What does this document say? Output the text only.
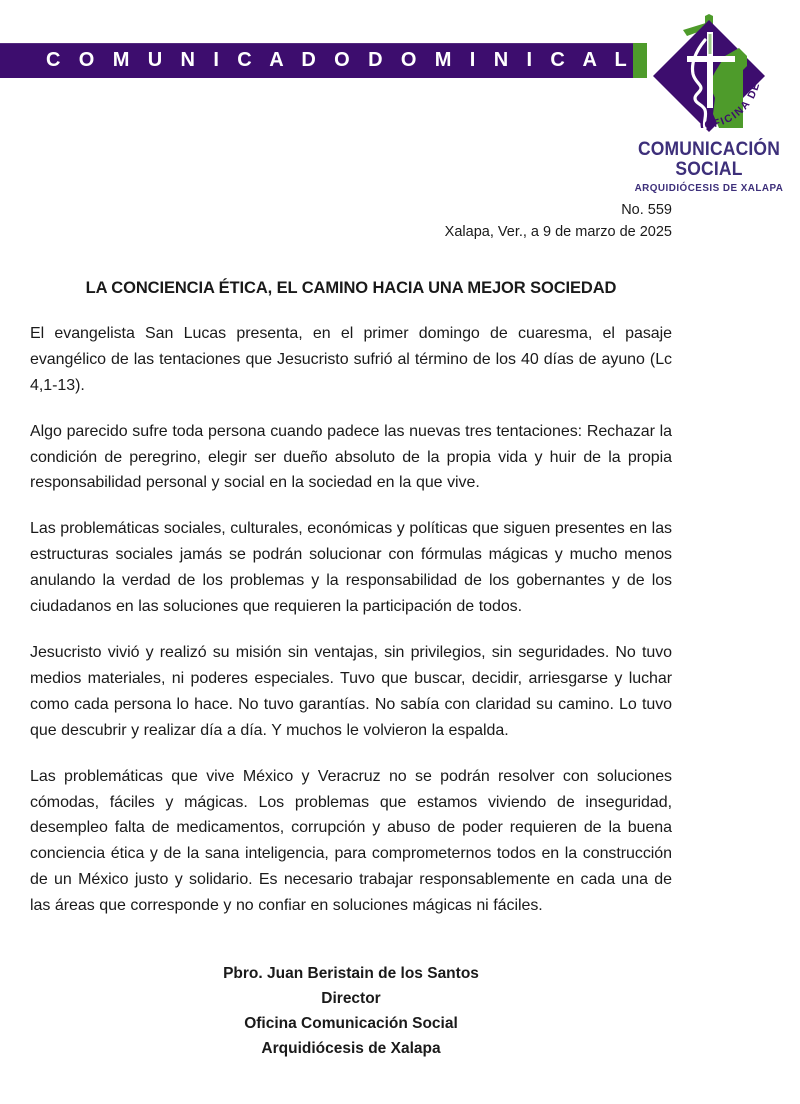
C O M U N I C A D O D O M I N I C A L
OFICINA DE
COMUNICACIÓN SOCIAL
ARQUIDIÓCESIS DE XALAPA
No. 559
Xalapa, Ver., a 9 de marzo de 2025
LA CONCIENCIA ÉTICA, EL CAMINO HACIA UNA MEJOR SOCIEDAD

El evangelista San Lucas presenta, en el primer domingo de cuaresma, el pasaje evangélico de las tentaciones que Jesucristo sufrió al término de los 40 días de ayuno (Lc 4,1-13).

Algo parecido sufre toda persona cuando padece las nuevas tres tentaciones: Rechazar la condición de peregrino, elegir ser dueño absoluto de la propia vida y huir de la propia responsabilidad personal y social en la sociedad en la que vive.

Las problemáticas sociales, culturales, económicas y políticas que siguen presentes en las estructuras sociales jamás se podrán solucionar con fórmulas mágicas y mucho menos anulando la verdad de los problemas y la responsabilidad de los gobernantes y de los ciudadanos en las soluciones que requieren la participación de todos.

Jesucristo vivió y realizó su misión sin ventajas, sin privilegios, sin seguridades. No tuvo medios materiales, ni poderes especiales. Tuvo que buscar, decidir, arriesgarse y luchar como cada persona lo hace. No tuvo garantías. No sabía con claridad su camino. Lo tuvo que descubrir y realizar día a día. Y muchos le volvieron la espalda.

Las problemáticas que vive México y Veracruz no se podrán resolver con soluciones cómodas, fáciles y mágicas. Los problemas que estamos viviendo de inseguridad, desempleo falta de medicamentos, corrupción y abuso de poder requieren de la buena conciencia ética y de la sana inteligencia, para comprometernos todos en la construcción de un México justo y solidario. Es necesario trabajar responsablemente en cada una de las áreas que corresponde y no confiar en soluciones mágicas ni fáciles.

Pbro. Juan Beristain de los Santos
Director
Oficina Comunicación Social
Arquidiócesis de Xalapa
